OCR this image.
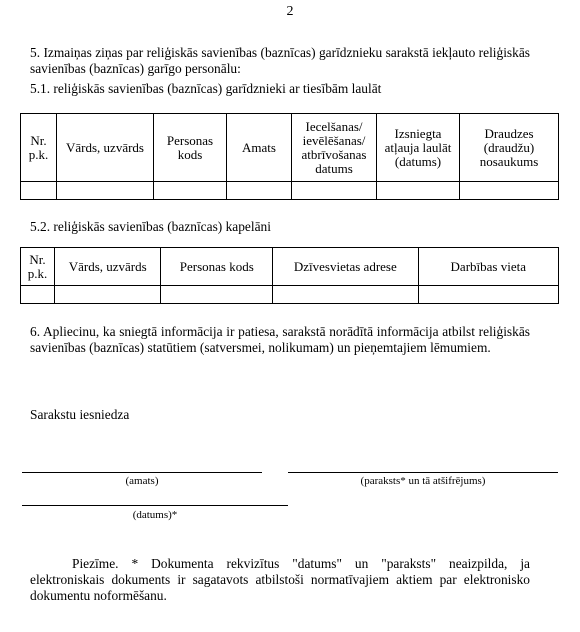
2
5. Izmaiņas ziņas par reliģiskās savienības (baznīcas) garīdznieku sarakstā iekļauto reliģiskās savienības (baznīcas) garīgo personālu:
5.1. reliģiskās savienības (baznīcas) garīdznieki ar tiesībām laulāt
Nr. p.k.	Vārds, uzvārds	Personas kods	Amats	Iecelšanas/ ievēlēšanas/ atbrīvošanas datums	Izsniegta atļauja laulāt (datums)	Draudzes (draudžu) nosaukums

5.2. reliģiskās savienības (baznīcas) kapelāni
Nr. p.k.	Vārds, uzvārds	Personas kods	Dzīvesvietas adrese	Darbības vieta

6. Apliecinu, ka sniegtā informācija ir patiesa, sarakstā norādītā informācija atbilst reliģiskās savienības (baznīcas) statūtiem (satversmei, nolikumam) un pieņemtajiem lēmumiem.
Sarakstu iesniedza
(amats)	(paraksts* un tā atšifrējums)
(datums)*
Piezīme. * Dokumenta rekvizītus "datums" un "paraksts" neaizpilda, ja elektroniskais dokuments ir sagatavots atbilstoši normatīvajiem aktiem par elektronisko dokumentu noformēšanu.
